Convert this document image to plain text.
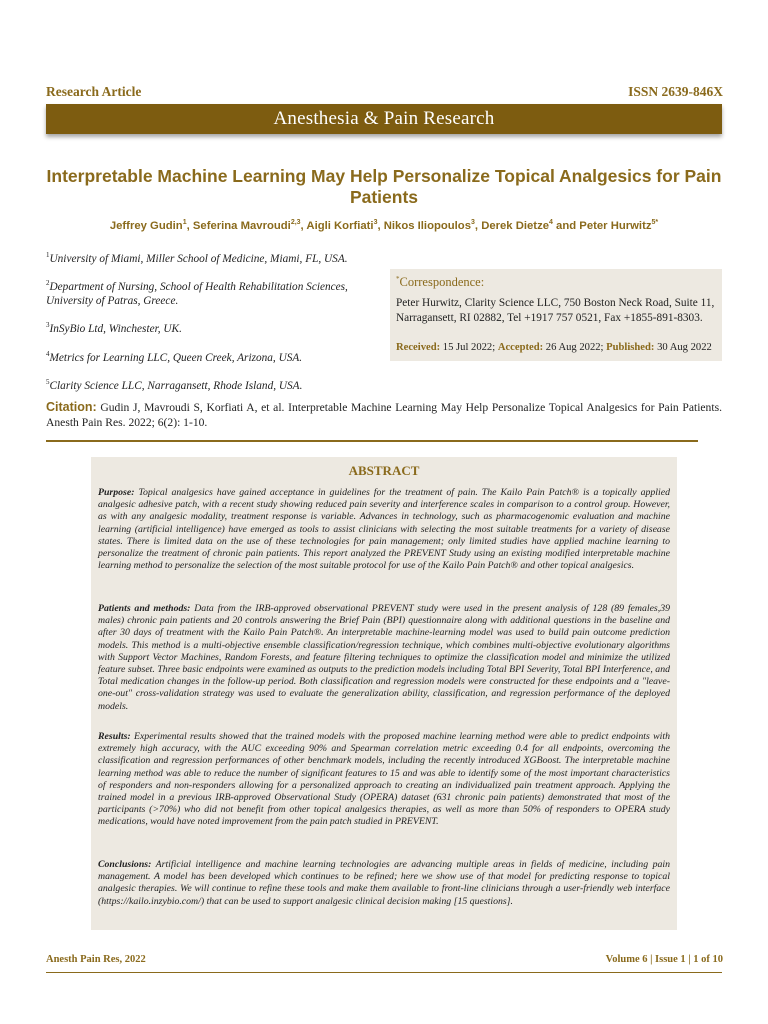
Research Article	ISSN 2639-846X
Anesthesia & Pain Research
Interpretable Machine Learning May Help Personalize Topical Analgesics for Pain Patients
Jeffrey Gudin$^1$, Seferina Mavroudi$^{2,3}$, Aigli Korfiati$^3$, Nikos Iliopoulos$^3$, Derek Dietze$^4$ and Peter Hurwitz$^{5*}$
$^1$University of Miami, Miller School of Medicine, Miami, FL, USA.
$^2$Department of Nursing, School of Health Rehabilitation Sciences, University of Patras, Greece.
$^3$InSyBio Ltd, Winchester, UK.
$^4$Metrics for Learning LLC, Queen Creek, Arizona, USA.
$^5$Clarity Science LLC, Narragansett, Rhode Island, USA.
*Correspondence:
Peter Hurwitz, Clarity Science LLC, 750 Boston Neck Road, Suite 11, Narragansett, RI 02882, Tel +1917 757 0521, Fax +1855-891-8303.
Received: 15 Jul 2022; Accepted: 26 Aug 2022; Published: 30 Aug 2022
Citation: Gudin J, Mavroudi S, Korfiati A, et al. Interpretable Machine Learning May Help Personalize Topical Analgesics for Pain Patients. Anesth Pain Res. 2022; 6(2): 1-10.
ABSTRACT

Purpose: Topical analgesics have gained acceptance in guidelines for the treatment of pain. The Kailo Pain Patch® is a topically applied analgesic adhesive patch, with a recent study showing reduced pain severity and interference scales in comparison to a control group. However, as with any analgesic modality, treatment response is variable. Advances in technology, such as pharmacogenomic evaluation and machine learning (artificial intelligence) have emerged as tools to assist clinicians with selecting the most suitable treatments for a variety of disease states. There is limited data on the use of these technologies for pain management; only limited studies have applied machine learning to personalize the treatment of chronic pain patients. This report analyzed the PREVENT Study using an existing modified interpretable machine learning method to personalize the selection of the most suitable protocol for use of the Kailo Pain Patch® and other topical analgesics.

Patients and methods: Data from the IRB-approved observational PREVENT study were used in the present analysis of 128 (89 females,39 males) chronic pain patients and 20 controls answering the Brief Pain (BPI) questionnaire along with additional questions in the baseline and after 30 days of treatment with the Kailo Pain Patch®. An interpretable machine-learning model was used to build pain outcome prediction models. This method is a multi-objective ensemble classification/regression technique, which combines multi-objective evolutionary algorithms with Support Vector Machines, Random Forests, and feature filtering techniques to optimize the classification model and minimize the utilized feature subset. Three basic endpoints were examined as outputs to the prediction models including Total BPI Severity, Total BPI Interference, and Total medication changes in the follow-up period. Both classification and regression models were constructed for these endpoints and a "leave-one-out" cross-validation strategy was used to evaluate the generalization ability, classification, and regression performance of the deployed models.

Results: Experimental results showed that the trained models with the proposed machine learning method were able to predict endpoints with extremely high accuracy, with the AUC exceeding 90% and Spearman correlation metric exceeding 0.4 for all endpoints, overcoming the classification and regression performances of other benchmark models, including the recently introduced XGBoost. The interpretable machine learning method was able to reduce the number of significant features to 15 and was able to identify some of the most important characteristics of responders and non-responders allowing for a personalized approach to creating an individualized pain treatment approach. Applying the trained model in a previous IRB-approved Observational Study (OPERA) dataset (631 chronic pain patients) demonstrated that most of the participants (>70%) who did not benefit from other topical analgesics therapies, as well as more than 50% of responders to OPERA study medications, would have noted improvement from the pain patch studied in PREVENT.

Conclusions: Artificial intelligence and machine learning technologies are advancing multiple areas in fields of medicine, including pain management. A model has been developed which continues to be refined; here we show use of that model for predicting response to topical analgesic therapies. We will continue to refine these tools and make them available to front-line clinicians through a user-friendly web interface (https://kailo.inzybio.com/) that can be used to support analgesic clinical decision making [15 questions].

Anesth Pain Res, 2022	Volume 6 | Issue 1 | 1 of 10
